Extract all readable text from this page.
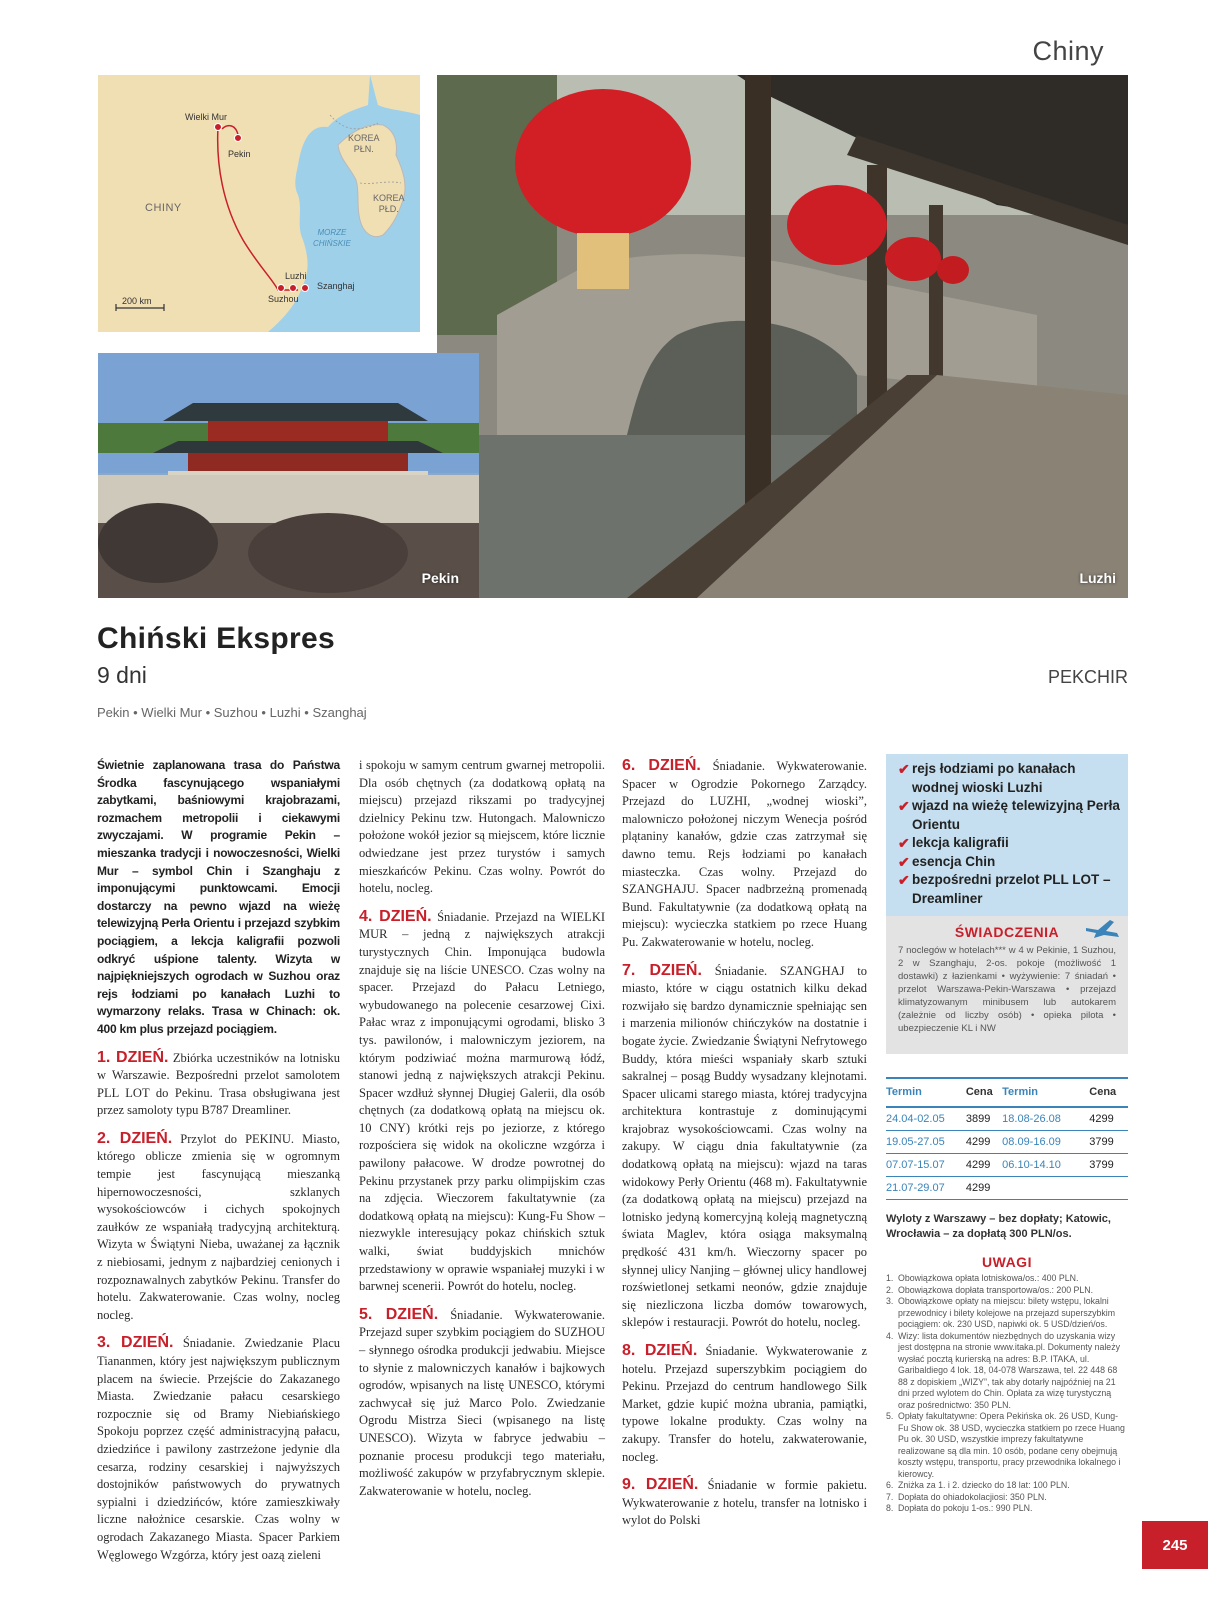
Chiny
Wielki Mur
Pekin
CHINY
KOREA
PŁN.
KOREA
PŁD.
MORZE
CHIŃSKIE
Luzhi
Szanghaj
Suzhou
200 km
Luzhi
Pekin
Chiński Ekspres
9 dni	PEKCHIR
Pekin • Wielki Mur • Suzhou • Luzhi • Szanghaj

Świetnie zaplanowana trasa do Państwa Środka fascynującego wspaniałymi zabytkami, baśniowymi krajobrazami, rozmachem metropolii i ciekawymi zwyczajami. W programie Pekin – mieszanka tradycji i nowoczesności, Wielki Mur – symbol Chin i Szanghaju z imponującymi punktowcami. Emocji dostarczy na pewno wjazd na wieżę telewizyjną Perła Orientu i przejazd szybkim pociągiem, a lekcja kaligrafii pozwoli odkryć uśpione talenty. Wizyta w najpiękniejszych ogrodach w Suzhou oraz rejs łodziami po kanałach Luzhi to wymarzony relaks. Trasa w Chinach: ok. 400 km plus przejazd pociągiem.

1. DZIEŃ. Zbiórka uczestników na lotnisku w Warszawie. Bezpośredni przelot samolotem PLL LOT do Pekinu. Trasa obsługiwana jest przez samoloty typu B787 Dreamliner.

2. DZIEŃ. Przylot do PEKINU. Miasto, którego oblicze zmienia się w ogromnym tempie jest fascynującą mieszanką hipernowoczesności, szklanych wysokościowców i cichych spokojnych zaułków ze wspaniałą tradycyjną architekturą. Wizyta w Świątyni Nieba, uważanej za łącznik z niebiosami, jednym z najbardziej cenionych i rozpoznawalnych zabytków Pekinu. Transfer do hotelu. Zakwaterowanie. Czas wolny, nocleg nocleg.

3. DZIEŃ. Śniadanie. Zwiedzanie Placu Tiananmen, który jest największym publicznym placem na świecie. Przejście do Zakazanego Miasta. Zwiedzanie pałacu cesarskiego rozpocznie się od Bramy Niebiańskiego Spokoju poprzez część administracyjną pałacu, dziedzińce i pawilony zastrzeżone jedynie dla cesarza, rodziny cesarskiej i najwyższych dostojników państwowych do prywatnych sypialni i dziedzińców, które zamieszkiwały liczne nałożnice cesarskie. Czas wolny w ogrodach Zakazanego Miasta. Spacer Parkiem Węglowego Wzgórza, który jest oazą zieleni

i spokoju w samym centrum gwarnej metropolii. Dla osób chętnych (za dodatkową opłatą na miejscu) przejazd rikszami po tradycyjnej dzielnicy Pekinu tzw. Hutongach. Malowniczo położone wokół jezior są miejscem, które licznie odwiedzane jest przez turystów i samych mieszkańców Pekinu. Czas wolny. Powrót do hotelu, nocleg.

4. DZIEŃ. Śniadanie. Przejazd na WIELKI MUR – jedną z największych atrakcji turystycznych Chin. Imponująca budowla znajduje się na liście UNESCO. Czas wolny na spacer. Przejazd do Pałacu Letniego, wybudowanego na polecenie cesarzowej Cixi. Pałac wraz z imponującymi ogrodami, blisko 3 tys. pawilonów, i malowniczym jeziorem, na którym podziwiać można marmurową łódź, stanowi jedną z największych atrakcji Pekinu. Spacer wzdłuż słynnej Długiej Galerii, dla osób chętnych (za dodatkową opłatą na miejscu ok. 10 CNY) krótki rejs po jeziorze, z którego rozpościera się widok na okoliczne wzgórza i pawilony pałacowe. W drodze powrotnej do Pekinu przystanek przy parku olimpijskim czas na zdjęcia. Wieczorem fakultatywnie (za dodatkową opłatą na miejscu): Kung-Fu Show – niezwykle interesujący pokaz chińskich sztuk walki, świat buddyjskich mnichów przedstawiony w oprawie wspaniałej muzyki i w barwnej scenerii. Powrót do hotelu, nocleg.

5. DZIEŃ. Śniadanie. Wykwaterowanie. Przejazd super szybkim pociągiem do SUZHOU – słynnego ośrodka produkcji jedwabiu. Miejsce to słynie z malowniczych kanałów i bajkowych ogrodów, wpisanych na listę UNESCO, którymi zachwycał się już Marco Polo. Zwiedzanie Ogrodu Mistrza Sieci (wpisanego na listę UNESCO). Wizyta w fabryce jedwabiu – poznanie procesu produkcji tego materiału, możliwość zakupów w przyfabrycznym sklepie. Zakwaterowanie w hotelu, nocleg.

6. DZIEŃ. Śniadanie. Wykwaterowanie. Spacer w Ogrodzie Pokornego Zarządcy. Przejazd do LUZHI, „wodnej wioski”, malowniczo położonej niczym Wenecja pośród plątaniny kanałów, gdzie czas zatrzymał się dawno temu. Rejs łodziami po kanałach miasteczka. Czas wolny. Przejazd do SZANGHAJU. Spacer nadbrzeżną promenadą Bund. Fakultatywnie (za dodatkową opłatą na miejscu): wycieczka statkiem po rzece Huang Pu. Zakwaterowanie w hotelu, nocleg.

7. DZIEŃ. Śniadanie. SZANGHAJ to miasto, które w ciągu ostatnich kilku dekad rozwijało się bardzo dynamicznie spełniając sen i marzenia milionów chińczyków na dostatnie i bogate życie. Zwiedzanie Świątyni Nefrytowego Buddy, która mieści wspaniały skarb sztuki sakralnej – posąg Buddy wysadzany klejnotami. Spacer ulicami starego miasta, której tradycyjna architektura kontrastuje z dominującymi krajobraz wysokościowcami. Czas wolny na zakupy. W ciągu dnia fakultatywnie (za dodatkową opłatą na miejscu): wjazd na taras widokowy Perły Orientu (468 m). Fakultatywnie (za dodatkową opłatą na miejscu) przejazd na lotnisko jedyną komercyjną koleją magnetyczną świata Maglev, która osiąga maksymalną prędkość 431 km/h. Wieczorny spacer po słynnej ulicy Nanjing – głównej ulicy handlowej rozświetlonej setkami neonów, gdzie znajduje się niezliczona liczba domów towarowych, sklepów i restauracji. Powrót do hotelu, nocleg.

8. DZIEŃ. Śniadanie. Wykwaterowanie z hotelu. Przejazd superszybkim pociągiem do Pekinu. Przejazd do centrum handlowego Silk Market, gdzie kupić można ubrania, pamiątki, typowe lokalne produkty. Czas wolny na zakupy. Transfer do hotelu, zakwaterowanie, nocleg.

9. DZIEŃ. Śniadanie w formie pakietu. Wykwaterowanie z hotelu, transfer na lotnisko i wylot do Polski

✔ rejs łodziami po kanałach wodnej wioski Luzhi
✔ wjazd na wieżę telewizyjną Perła Orientu
✔ lekcja kaligrafii
✔ esencja Chin
✔ bezpośredni przelot PLL LOT – Dreamliner
ŚWIADCZENIA
7 noclegów w hotelach*** w 4 w Pekinie, 1 Suzhou, 2 w Szanghaju, 2-os. pokoje (możliwość 1 dostawki) z łazienkami • wyżywienie: 7 śniadań • przelot Warszawa-Pekin-Warszawa • przejazd klimatyzowanym minibusem lub autokarem (zależnie od liczby osób) • opieka pilota • ubezpieczenie KL i NW
Termin	Cena	Termin	Cena
24.04-02.05	3899	18.08-26.08	4299
19.05-27.05	4299	08.09-16.09	3799
07.07-15.07	4299	06.10-14.10	3799
21.07-29.07	4299		
Wyloty z Warszawy – bez dopłaty; Katowic, Wrocławia – za dopłatą 300 PLN/os.
UWAGI
1. Obowiązkowa opłata lotniskowa/os.: 400 PLN.
2. Obowiązkowa dopłata transportowa/os.: 200 PLN.
3. Obowiązkowe opłaty na miejscu: bilety wstępu, lokalni przewodnicy i bilety kolejowe na przejazd superszybkim pociągiem: ok. 230 USD, napiwki ok. 5 USD/dzień/os.
4. Wizy: lista dokumentów niezbędnych do uzyskania wizy jest dostępna na stronie www.itaka.pl. Dokumenty należy wysłać pocztą kurierską na adres: B.P. ITAKA, ul. Garibaldiego 4 lok. 18, 04-078 Warszawa, tel. 22 448 68 88 z dopiskiem „WIZY”, tak aby dotarły najpóźniej na 21 dni przed wylotem do Chin. Opłata za wizę turystyczną oraz pośrednictwo: 350 PLN.
5. Opłaty fakultatywne: Opera Pekińska ok. 26 USD, Kung-Fu Show ok. 38 USD, wycieczka statkiem po rzece Huang Pu ok. 30 USD, wszystkie imprezy fakultatywne realizowane są dla min. 10 osób, podane ceny obejmują koszty wstępu, transportu, pracy przewodnika lokalnego i kierowcy.
6. Zniżka za 1. i 2. dziecko do 18 lat: 100 PLN.
7. Dopłata do ohiadokolacjiosi: 350 PLN.
8. Dopłata do pokoju 1-os.: 990 PLN.
245
